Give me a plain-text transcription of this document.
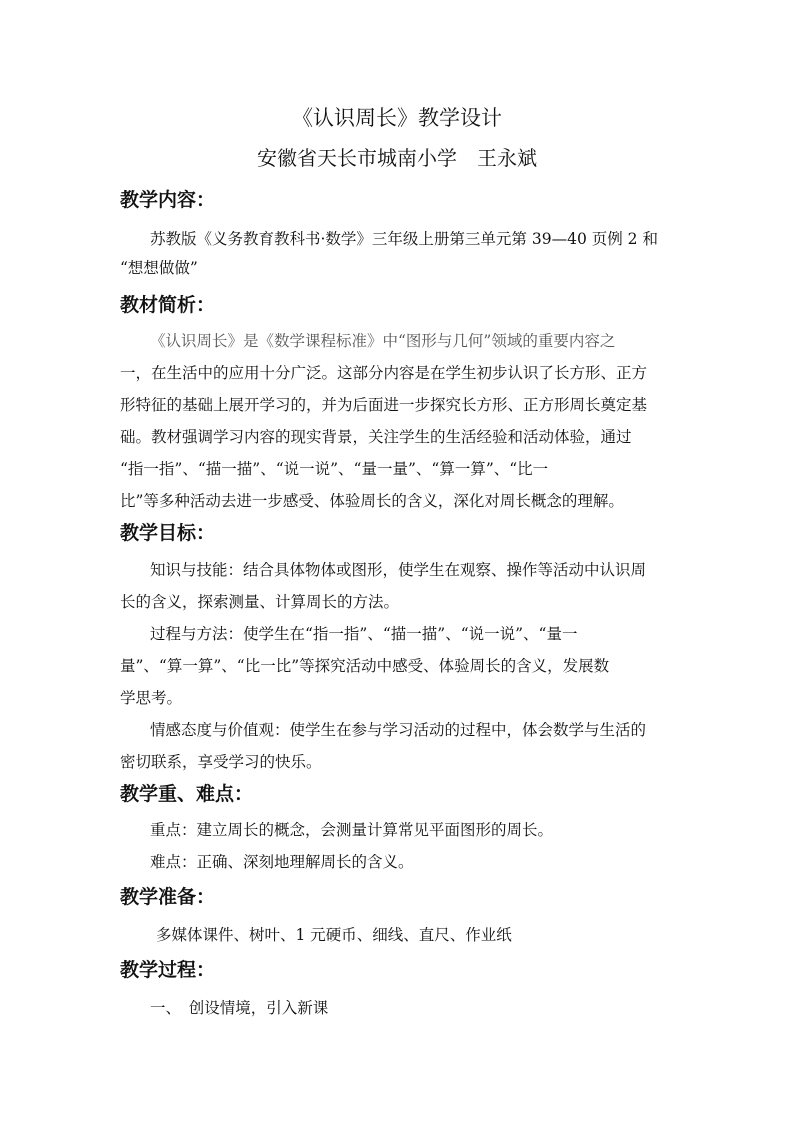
《认识周长》教学设计
安徽省天长市城南小学　王永斌
教学内容：
苏教版《义务教育教科书·数学》三年级上册第三单元第 39—40 页例 2 和
“想想做做”
教材简析：
《认识周长》是《数学课程标准》中“图形与几何”领域的重要内容之
一，在生活中的应用十分广泛。这部分内容是在学生初步认识了长方形、正方
形特征的基础上展开学习的，并为后面进一步探究长方形、正方形周长奠定基
础。教材强调学习内容的现实背景，关注学生的生活经验和活动体验，通过
“指一指”、“描一描”、“说一说”、“量一量”、“算一算”、“比一
比”等多种活动去进一步感受、体验周长的含义，深化对周长概念的理解。
教学目标：
知识与技能：结合具体物体或图形，使学生在观察、操作等活动中认识周
长的含义，探索测量、计算周长的方法。
过程与方法：使学生在“指一指”、“描一描”、“说一说”、“量一
量”、“算一算”、“比一比”等探究活动中感受、体验周长的含义，发展数
学思考。
情感态度与价值观：使学生在参与学习活动的过程中，体会数学与生活的
密切联系，享受学习的快乐。
教学重、难点：
重点：建立周长的概念，会测量计算常见平面图形的周长。
难点：正确、深刻地理解周长的含义。
教学准备：
多媒体课件、树叶、1 元硬币、细线、直尺、作业纸
教学过程：
一、　创设情境，引入新课
